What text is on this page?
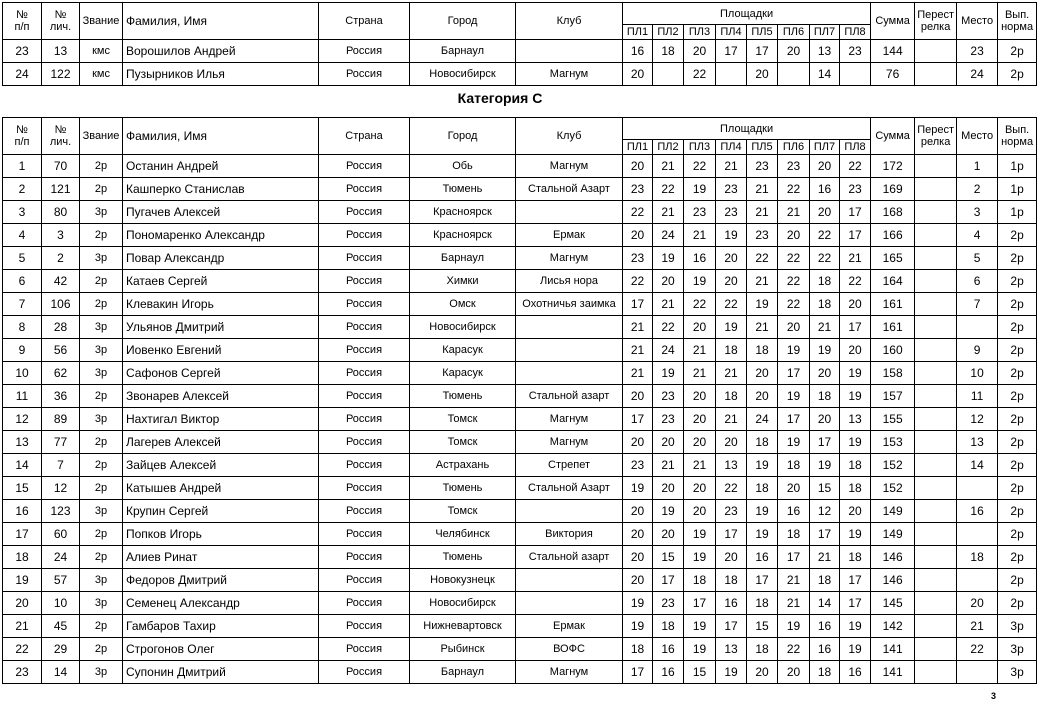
№
п/п	№
лич.	Звание	Фамилия, Имя	Страна	Город	Клуб	Площадки								Сумма	Перест
релка	Место	Вып.
норма
							ПЛ1	ПЛ2	ПЛ3	ПЛ4	ПЛ5	ПЛ6	ПЛ7	ПЛ8				
23	13	кмс	Ворошилов Андрей	Россия	Барнаул		16	18	20	17	17	20	13	23	144		23	2р
24	122	кмс	Пузырников Илья	Россия	Новосибирск	Магнум	20		22		20		14		76		24	2р
Категория С
№
п/п	№
лич.	Звание	Фамилия, Имя	Страна	Город	Клуб	Площадки								Сумма	Перест
релка	Место	Вып.
норма
							ПЛ1	ПЛ2	ПЛ3	ПЛ4	ПЛ5	ПЛ6	ПЛ7	ПЛ8				
1	70	2р	Останин Андрей	Россия	Обь	Магнум	20	21	22	21	23	23	20	22	172		1	1р
2	121	2р	Кашперко Станислав	Россия	Тюмень	Стальной Азарт	23	22	19	23	21	22	16	23	169		2	1р
3	80	3р	Пугачев Алексей	Россия	Красноярск		22	21	23	23	21	21	20	17	168		3	1р
4	3	2р	Пономаренко Александр	Россия	Красноярск	Ермак	20	24	21	19	23	20	22	17	166		4	2р
5	2	3р	Повар Александр	Россия	Барнаул	Магнум	23	19	16	20	22	22	22	21	165		5	2р
6	42	2р	Катаев Сергей	Россия	Химки	Лисья нора	22	20	19	20	21	22	18	22	164		6	2р
7	106	2р	Клевакин Игорь	Россия	Омск	Охотничья заимка	17	21	22	22	19	22	18	20	161		7	2р
8	28	3р	Ульянов Дмитрий	Россия	Новосибирск		21	22	20	19	21	20	21	17	161			2р
9	56	3р	Иовенко Евгений	Россия	Карасук		21	24	21	18	18	19	19	20	160		9	2р
10	62	3р	Сафонов Сергей	Россия	Карасук		21	19	21	21	20	17	20	19	158		10	2р
11	36	2р	Звонарев Алексей	Россия	Тюмень	Стальной азарт	20	23	20	18	20	19	18	19	157		11	2р
12	89	3р	Нахтигал Виктор	Россия	Томск	Магнум	17	23	20	21	24	17	20	13	155		12	2р
13	77	2р	Лагерев Алексей	Россия	Томск	Магнум	20	20	20	20	18	19	17	19	153		13	2р
14	7	2р	Зайцев Алексей	Россия	Астрахань	Стрепет	23	21	21	13	19	18	19	18	152		14	2р
15	12	2р	Катышев Андрей	Россия	Тюмень	Стальной Азарт	19	20	20	22	18	20	15	18	152			2р
16	123	3р	Крупин Сергей	Россия	Томск		20	19	20	23	19	16	12	20	149		16	2р
17	60	2р	Попков Игорь	Россия	Челябинск	Виктория	20	20	19	17	19	18	17	19	149			2р
18	24	2р	Алиев Ринат	Россия	Тюмень	Стальной азарт	20	15	19	20	16	17	21	18	146		18	2р
19	57	3р	Федоров Дмитрий	Россия	Новокузнецк		20	17	18	18	17	21	18	17	146			2р
20	10	3р	Семенец Александр	Россия	Новосибирск		19	23	17	16	18	21	14	17	145		20	2р
21	45	2р	Гамбаров Тахир	Россия	Нижневартовск	Ермак	19	18	19	17	15	19	16	19	142		21	3р
22	29	2р	Строгонов Олег	Россия	Рыбинск	ВОФС	18	16	19	13	18	22	16	19	141		22	3р
23	14	3р	Супонин Дмитрий	Россия	Барнаул	Магнум	17	16	15	19	20	20	18	16	141			3р
3
